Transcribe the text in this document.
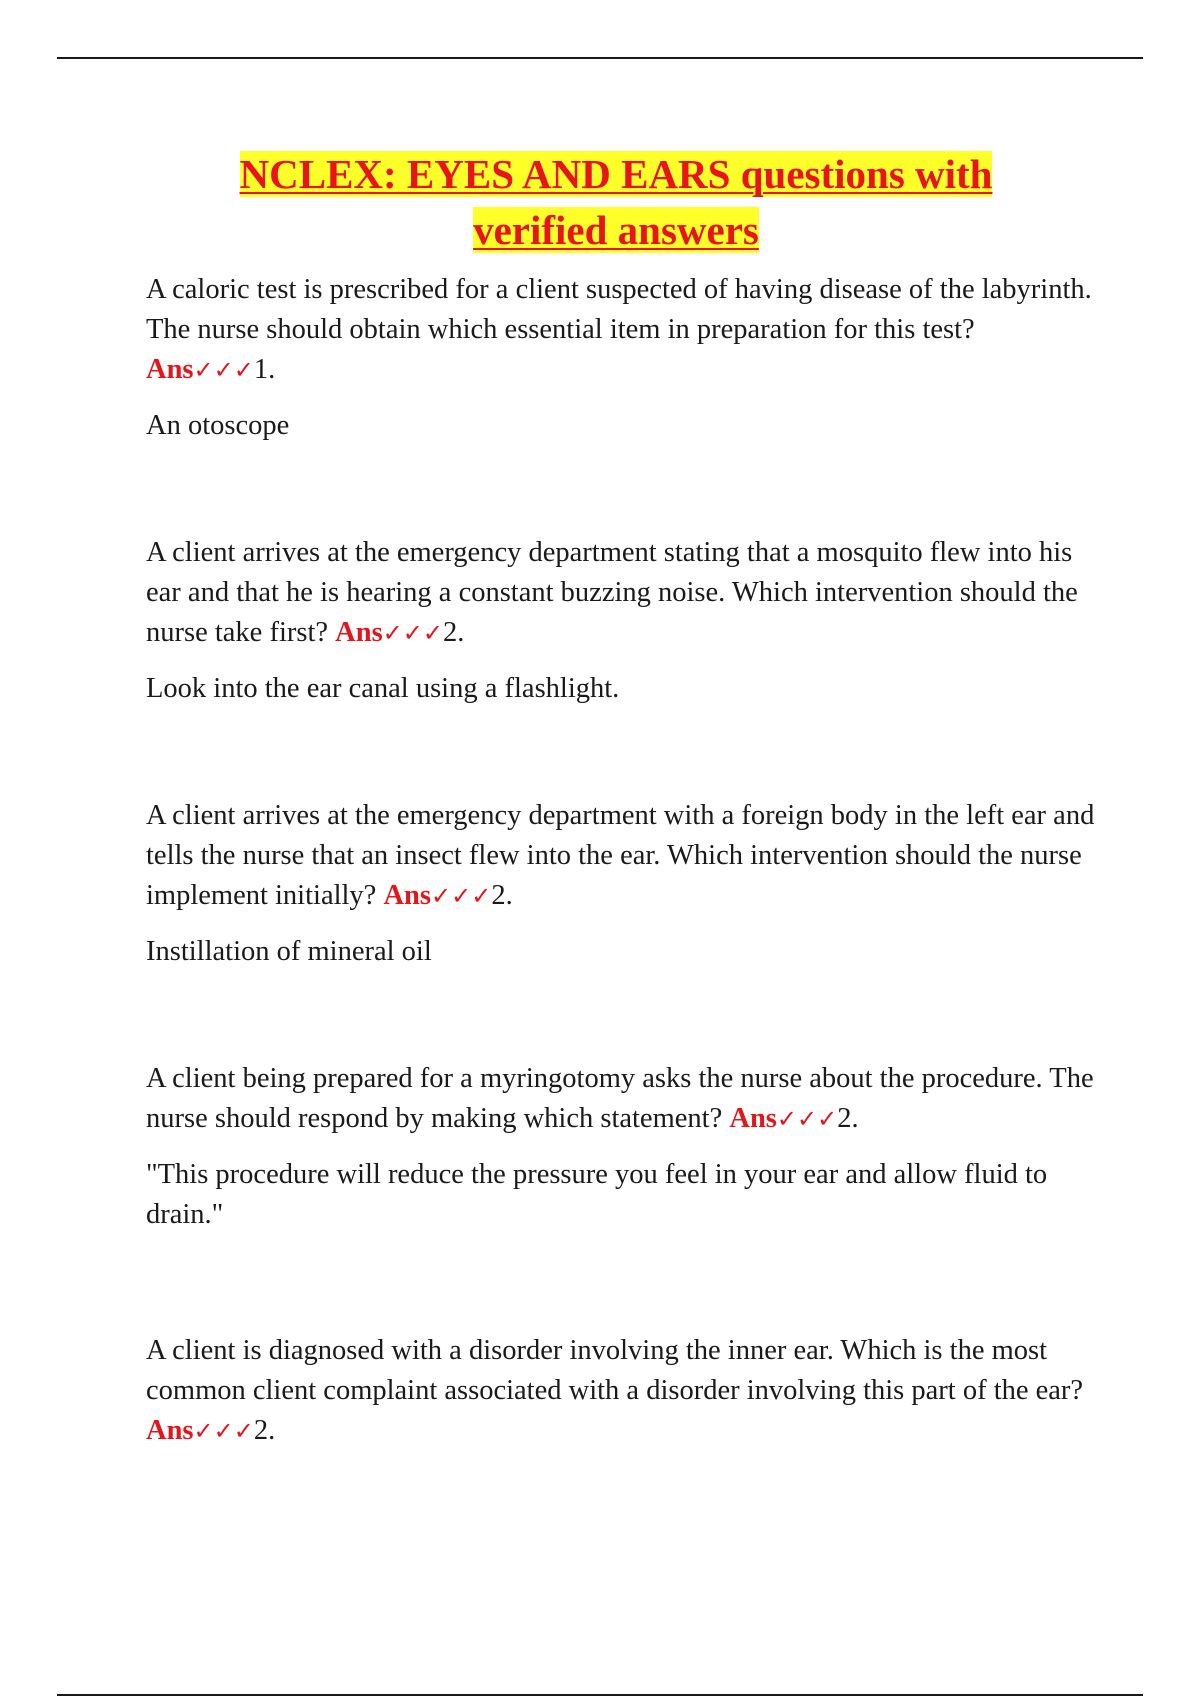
NCLEX: EYES AND EARS questions with
verified answers

A caloric test is prescribed for a client suspected of having disease of the labyrinth. The nurse should obtain which essential item in preparation for this test? Ans✓✓✓1.

An otoscope

A client arrives at the emergency department stating that a mosquito flew into his ear and that he is hearing a constant buzzing noise. Which intervention should the nurse take first? Ans✓✓✓2.

Look into the ear canal using a flashlight.

A client arrives at the emergency department with a foreign body in the left ear and tells the nurse that an insect flew into the ear. Which intervention should the nurse implement initially? Ans✓✓✓2.

Instillation of mineral oil

A client being prepared for a myringotomy asks the nurse about the procedure. The nurse should respond by making which statement? Ans✓✓✓2.

"This procedure will reduce the pressure you feel in your ear and allow fluid to drain."

A client is diagnosed with a disorder involving the inner ear. Which is the most common client complaint associated with a disorder involving this part of the ear? Ans✓✓✓2.
